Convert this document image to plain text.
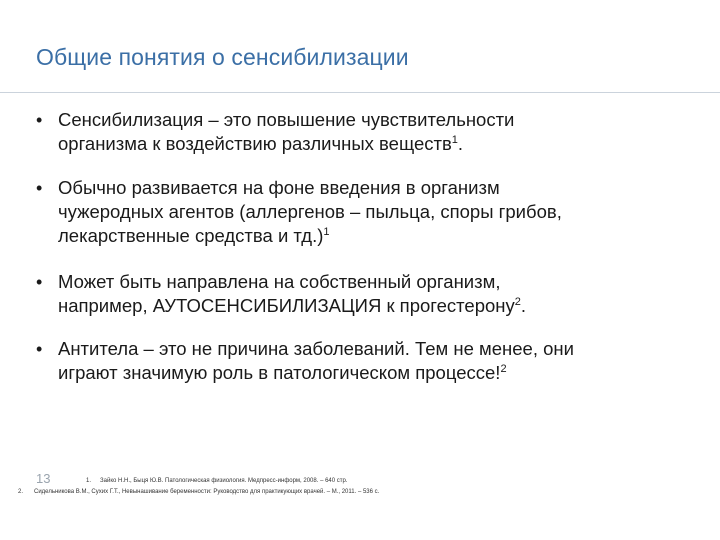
Общие понятия о сенсибилизации
• Сенсибилизация – это повышение чувствительности
организма к воздействию различных веществ$^1$.
• Обычно развивается на фоне введения в организм
чужеродных агентов (аллергенов – пыльца, споры грибов,
лекарственные средства и тд.)$^1$
• Может быть направлена на собственный организм,
например, АУТОСЕНСИБИЛИЗАЦИЯ к прогестерону$^2$.
• Антитела – это не причина заболеваний. Тем не менее, они
играют значимую роль в патологическом процессе!$^2$
13	1. Зайко Н.Н., Быця Ю.В. Патологическая физиология. Медпресс-информ, 2008. – 640 стр.
2. Сидельникова В.М., Сухих Г.Т., Невынашивание беременности: Руководство для практикующих врачей. – М., 2011. – 536 с.
